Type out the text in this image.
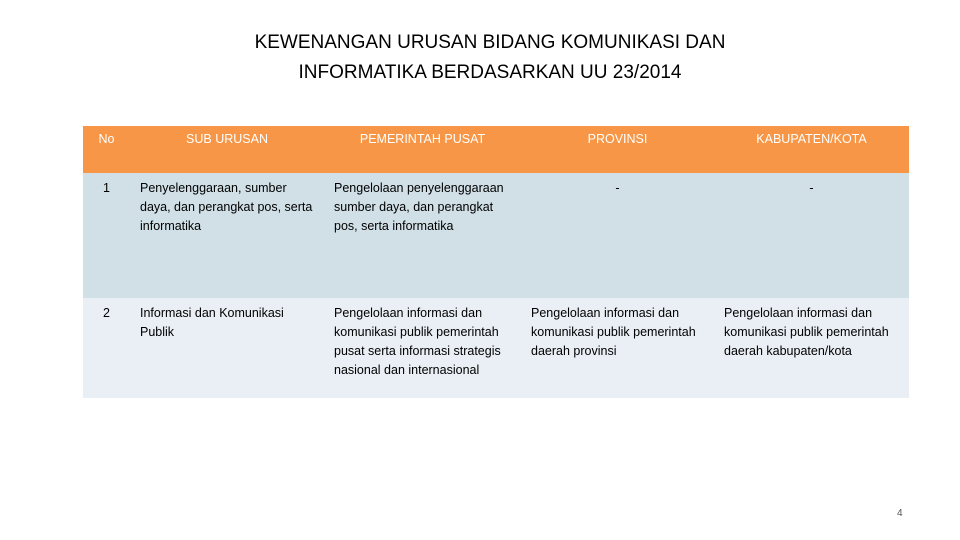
KEWENANGAN URUSAN BIDANG KOMUNIKASI DAN
INFORMATIKA BERDASARKAN UU 23/2014
No	SUB URUSAN	PEMERINTAH PUSAT	PROVINSI	KABUPATEN/KOTA
1	Penyelenggaraan, sumber daya, dan perangkat pos, serta informatika	Pengelolaan penyelenggaraan sumber daya, dan perangkat pos, serta informatika	-	-
2	Informasi dan Komunikasi Publik	Pengelolaan informasi dan komunikasi publik pemerintah pusat serta informasi strategis nasional dan internasional	Pengelolaan informasi dan komunikasi publik pemerintah daerah provinsi	Pengelolaan informasi dan komunikasi publik pemerintah daerah kabupaten/kota
4
